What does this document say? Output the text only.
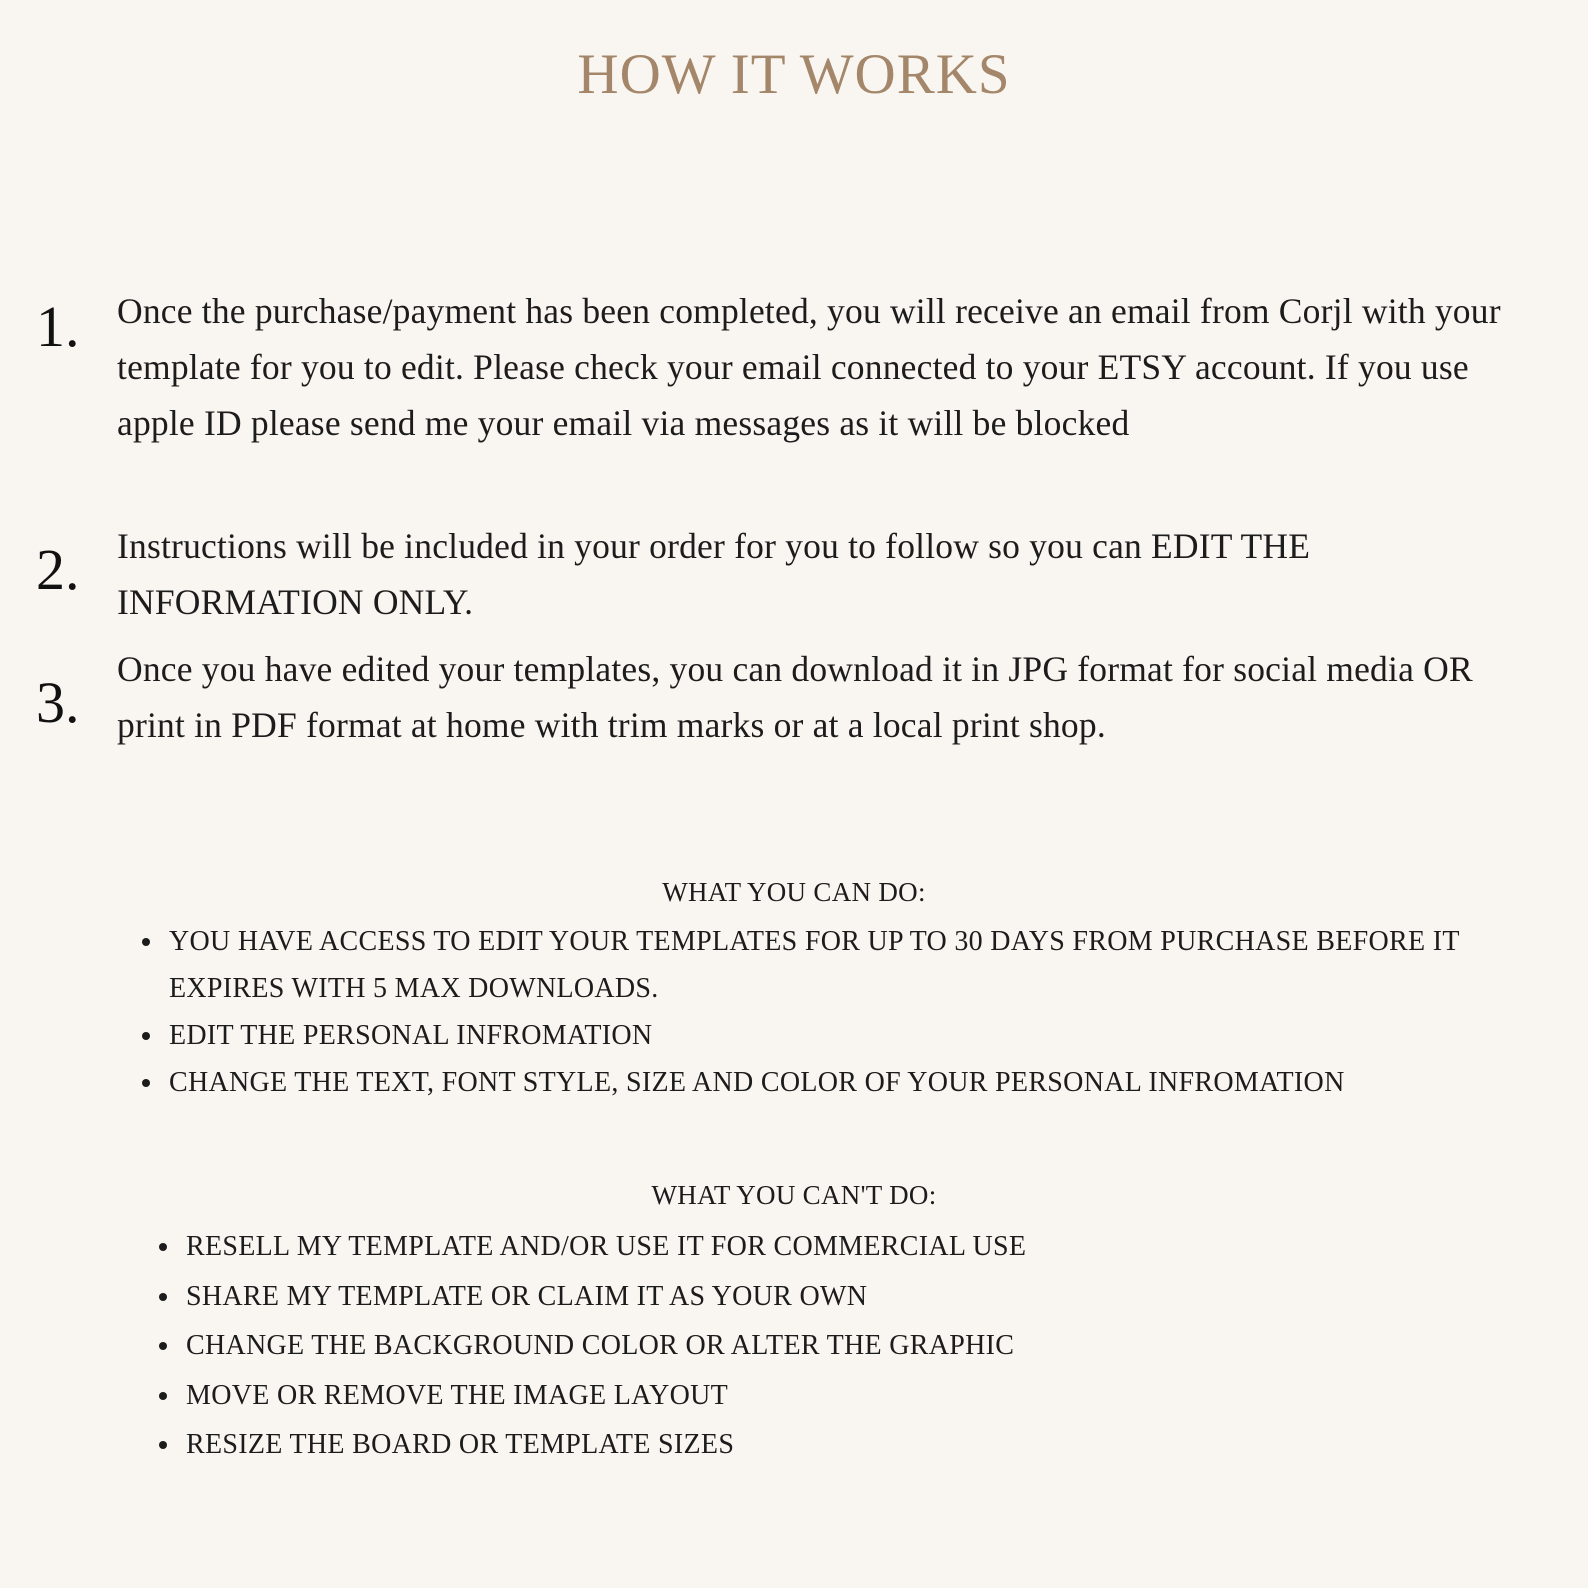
HOW IT WORKS
1. Once the purchase/payment has been completed, you will receive an email from Corjl with your template for you to edit. Please check your email connected to your ETSY account. If you use apple ID please send me your email via messages as it will be blocked
2. Instructions will be included in your order for you to follow so you can EDIT THE INFORMATION ONLY.
3.
Once you have edited your templates, you can download it in JPG format for social media OR print in PDF format at home with trim marks or at a local print shop.
WHAT YOU CAN DO:
YOU HAVE ACCESS TO EDIT YOUR TEMPLATES FOR UP TO 30 DAYS FROM PURCHASE BEFORE IT EXPIRES WITH 5 MAX DOWNLOADS.
EDIT THE PERSONAL INFROMATION
CHANGE THE TEXT, FONT STYLE, SIZE AND COLOR OF YOUR PERSONAL INFROMATION
WHAT YOU CAN'T DO:
RESELL MY TEMPLATE AND/OR USE IT FOR COMMERCIAL USE
SHARE MY TEMPLATE OR CLAIM IT AS YOUR OWN
CHANGE THE BACKGROUND COLOR OR ALTER THE GRAPHIC
MOVE OR REMOVE THE IMAGE LAYOUT
RESIZE THE BOARD OR TEMPLATE SIZES
